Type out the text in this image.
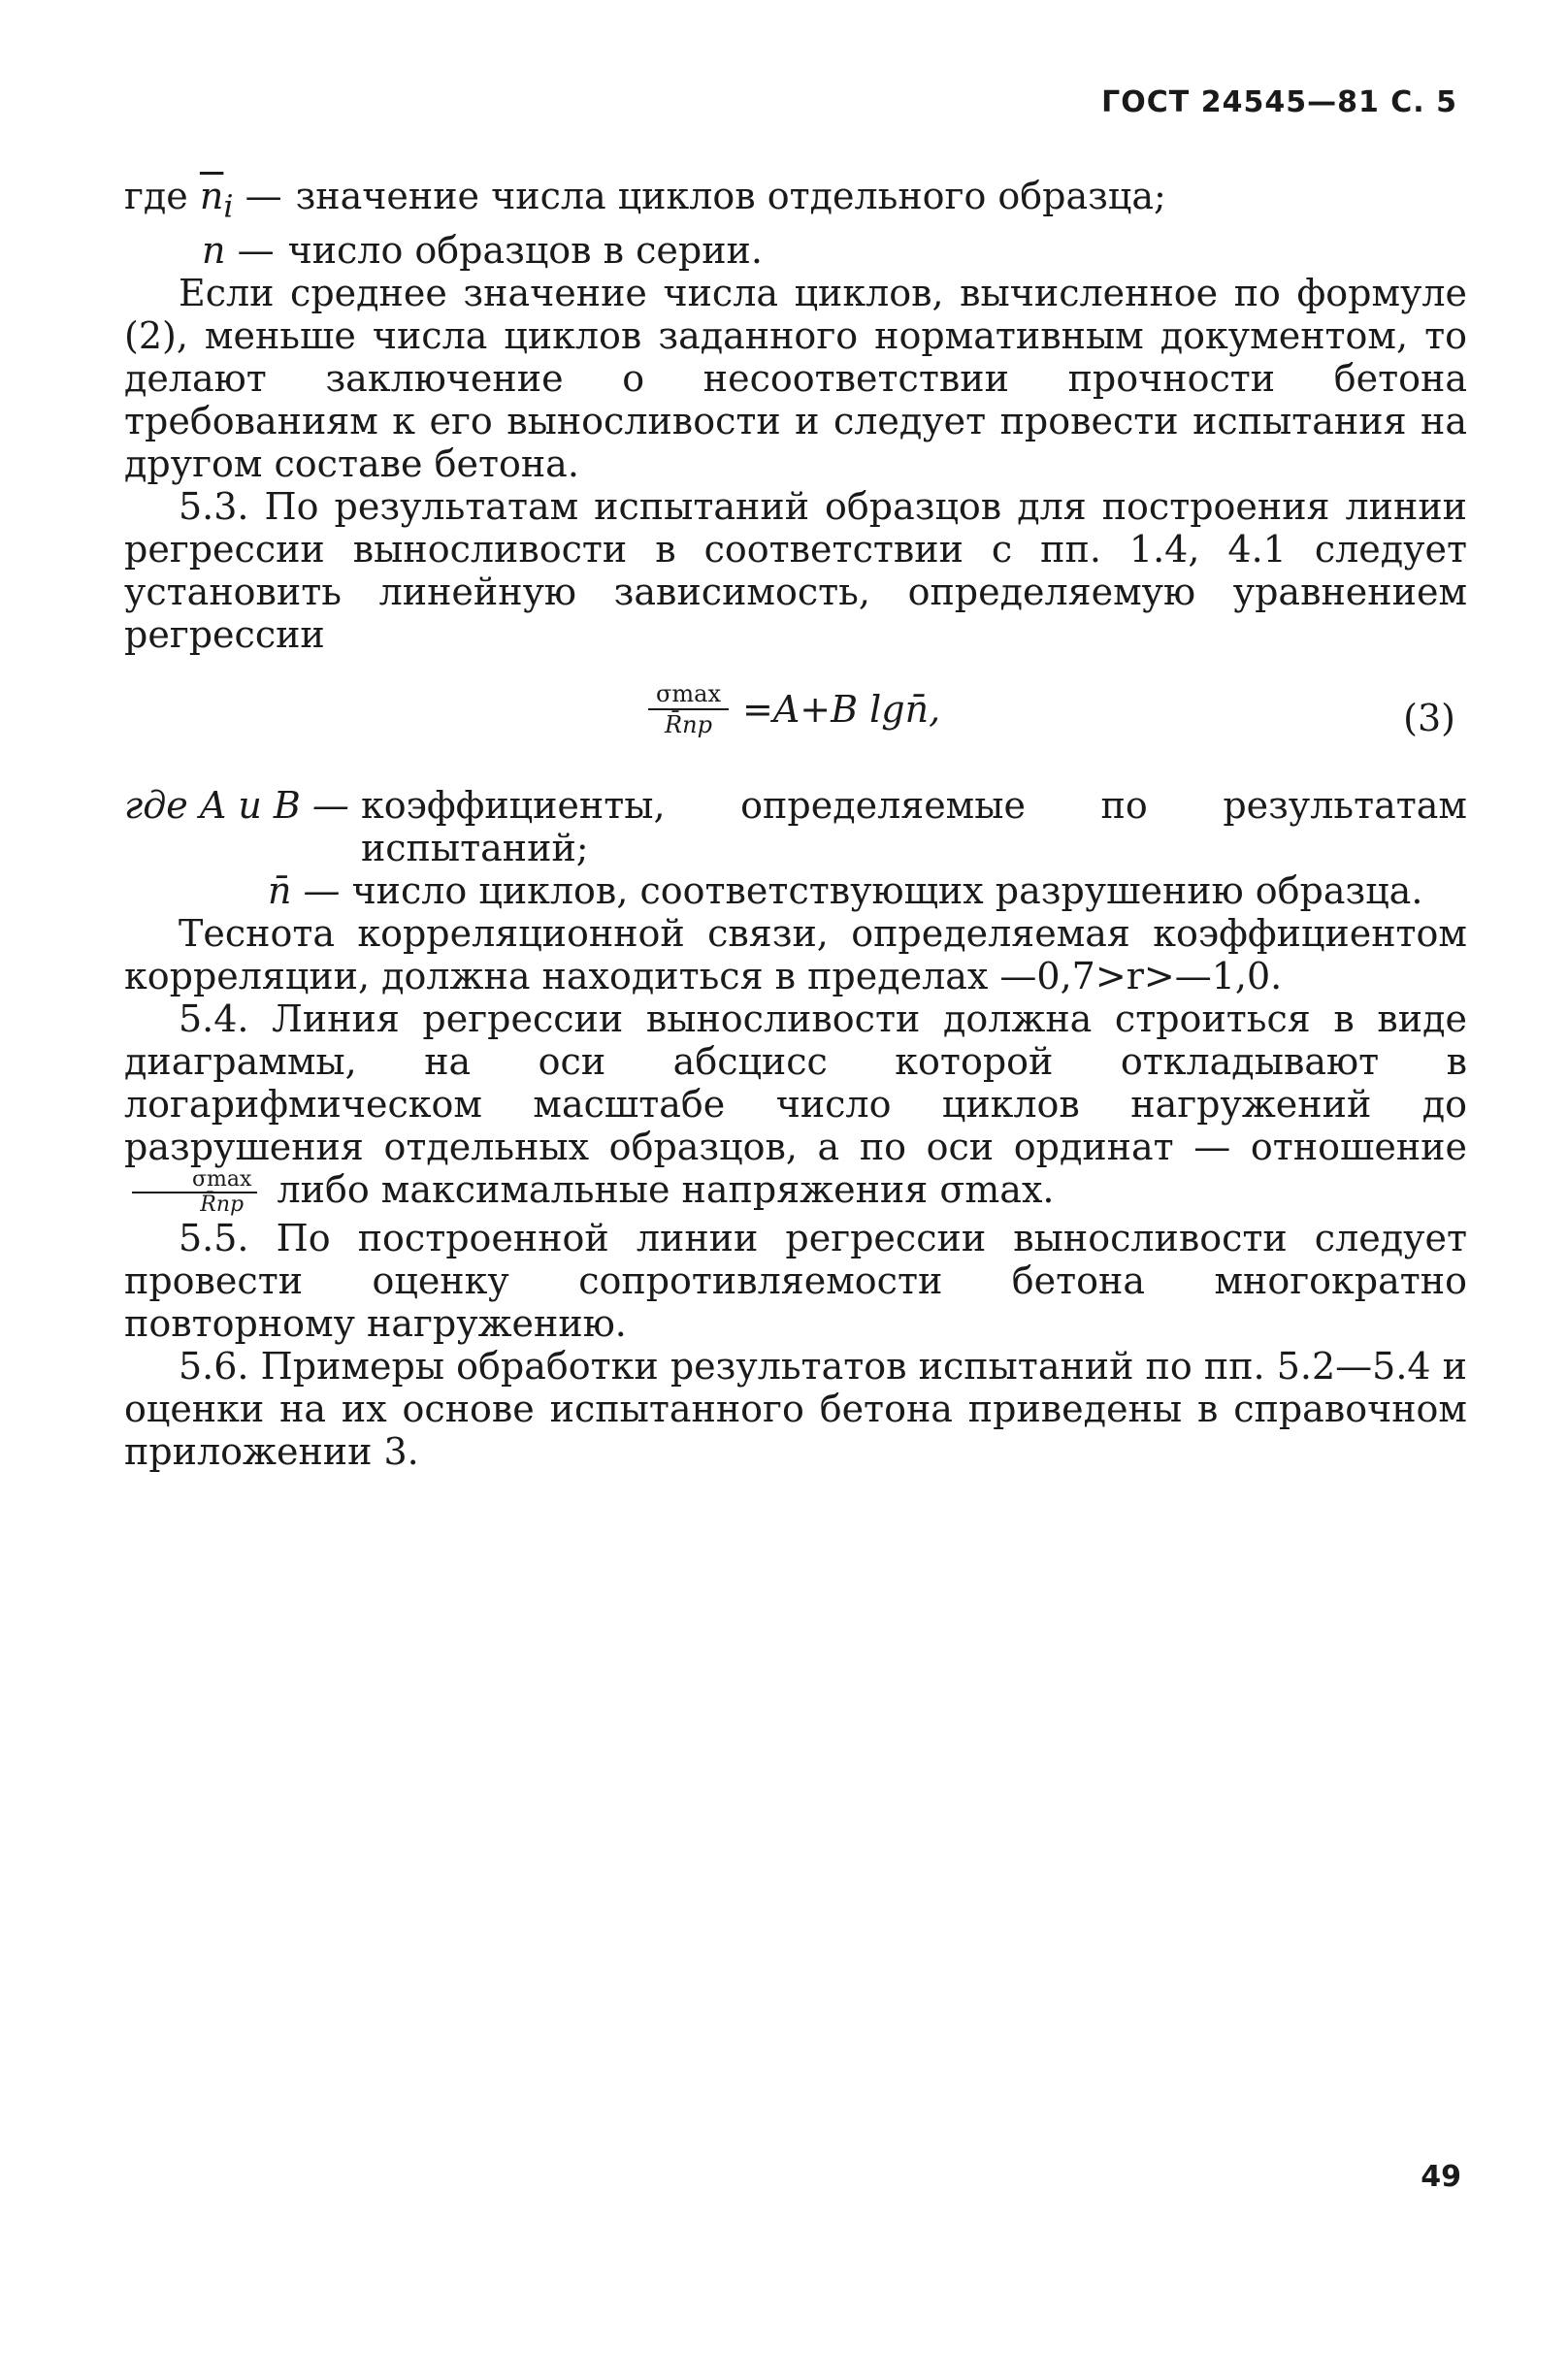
ГОСТ 24545—81 С. 5
где $\overline{n}_i$ — значение числа циклов отдельного образца;
n — число образцов в серии.

Если среднее значение числа циклов, вычисленное по формуле (2), меньше числа циклов заданного нормативным документом, то делают заключение о несоответствии прочности бетона требованиям к его выносливости и следует провести испытания на другом составе бетона.

5.3. По результатам испытаний образцов для построения линии регрессии выносливости в соответствии с пп. 1.4, 4.1 следует установить линейную зависимость, определяемую уравнением регрессии

$\frac{\sigma\max}{R̄пр} =A+B$ lgn̄,	(3)
где A и B — коэффициенты, определяемые по результатам испытаний;
n̄ — число циклов, соответствующих разрушению образца.

Теснота корреляционной связи, определяемая коэффициентом корреляции, должна находиться в пределах —0,7>r>—1,0.

5.4. Линия регрессии выносливости должна строиться в виде диаграммы, на оси абсцисс которой откладывают в логарифмическом масштабе число циклов нагружений до разрушения отдельных образцов, а по оси ординат — отношение
$\frac{\sigma\max}{R̄пр}$ либо максимальные напряжения σmax.

5.5. По построенной линии регрессии выносливости следует провести оценку сопротивляемости бетона многократно повторному нагружению.

5.6. Примеры обработки результатов испытаний по пп. 5.2—5.4 и оценки на их основе испытанного бетона приведены в справочном приложении 3.

49
